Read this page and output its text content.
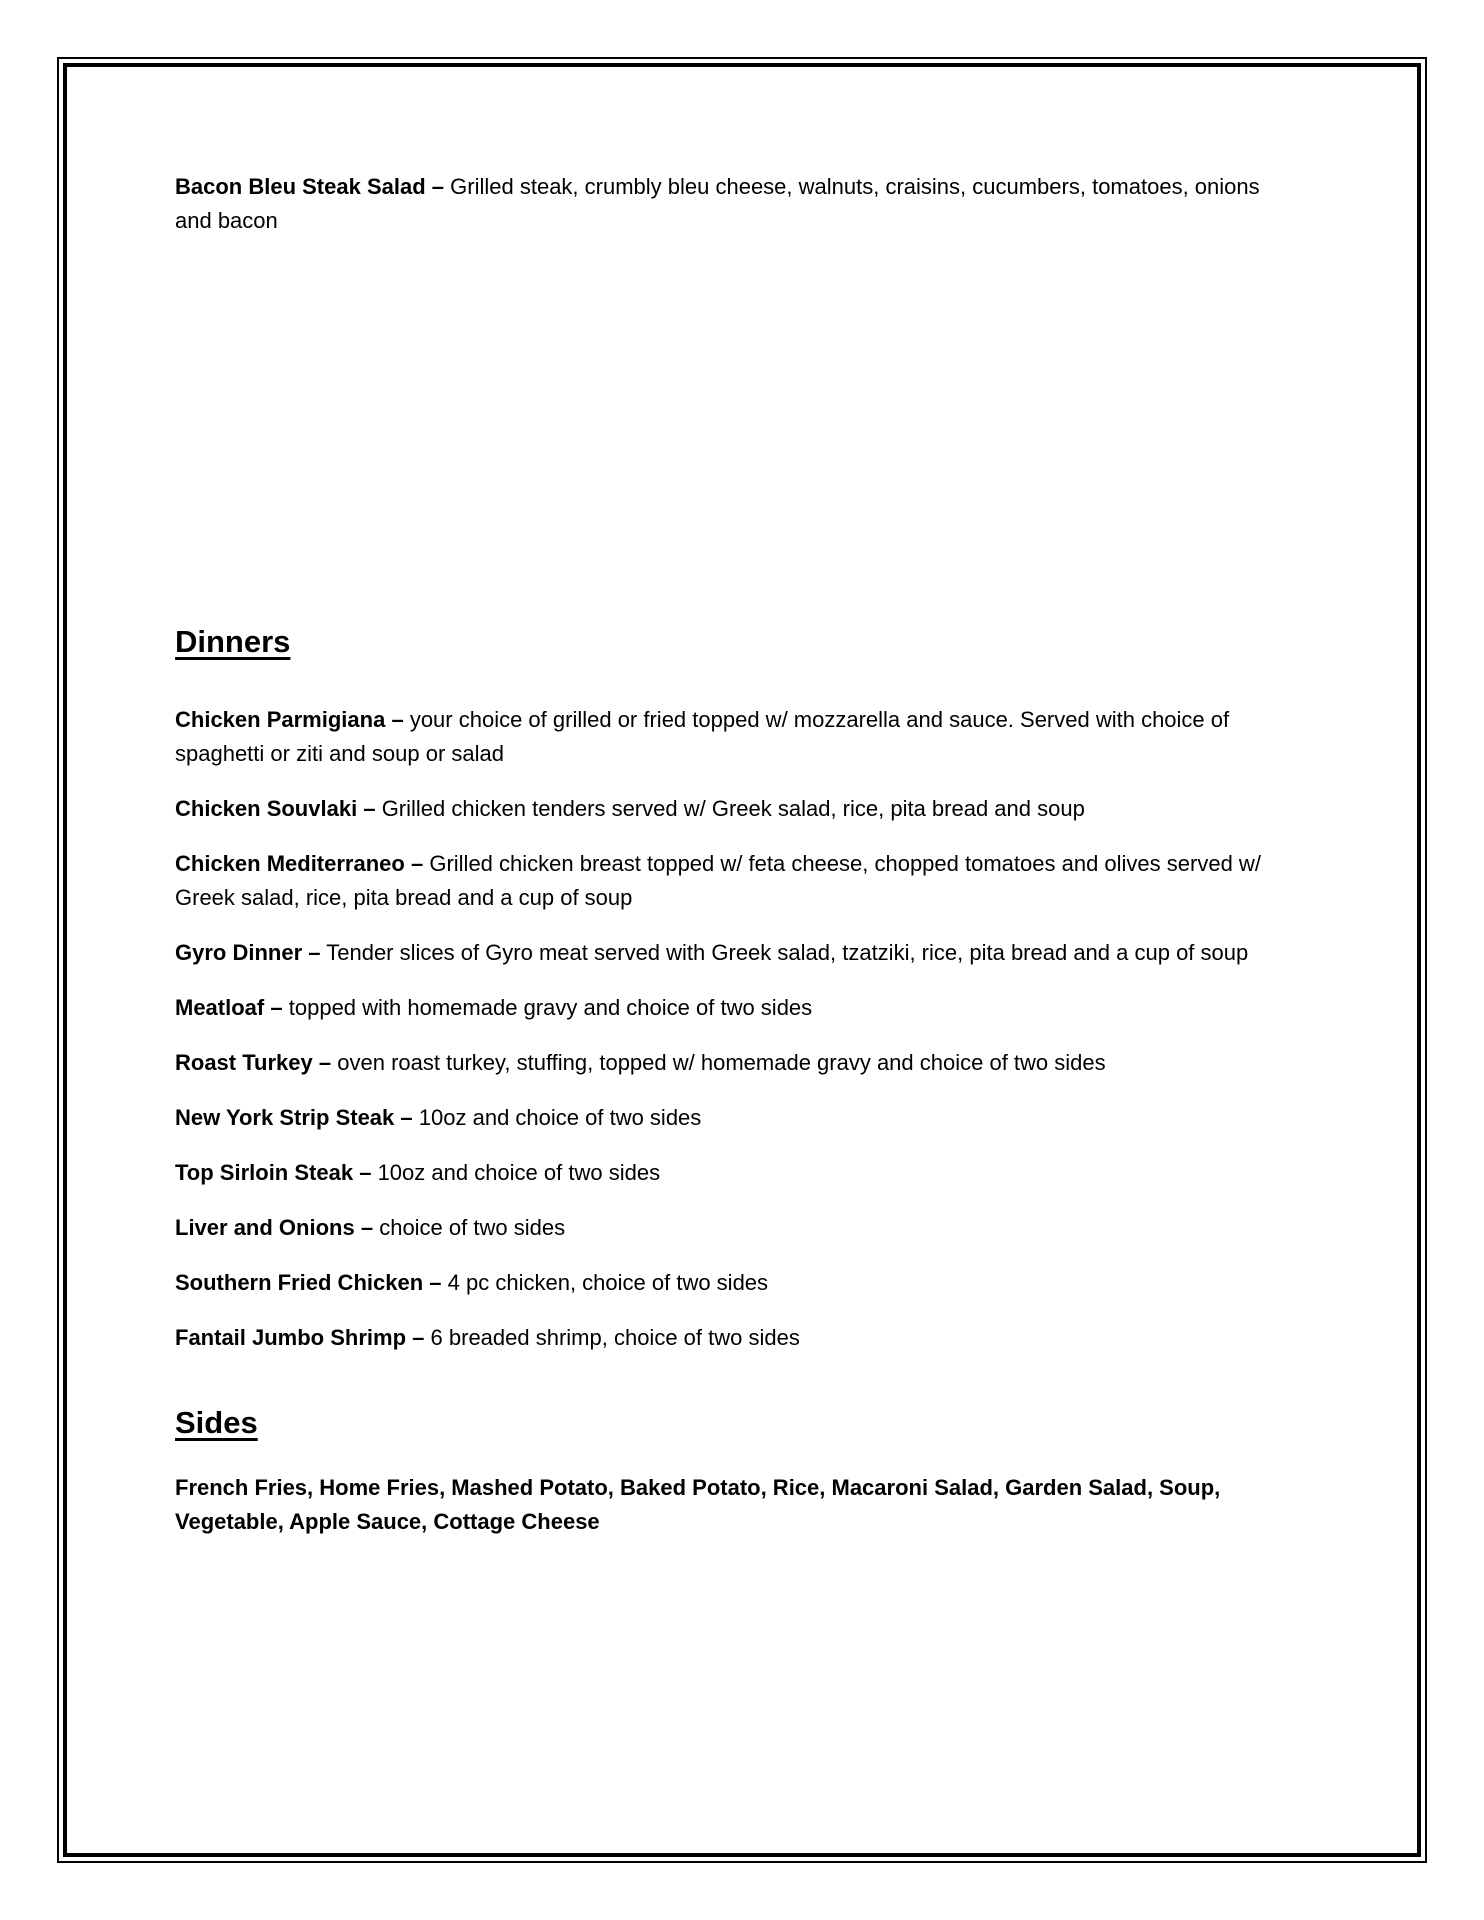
Bacon Bleu Steak Salad – Grilled steak, crumbly bleu cheese, walnuts, craisins, cucumbers, tomatoes, onions and bacon

Dinners

Chicken Parmigiana – your choice of grilled or fried topped w/ mozzarella and sauce. Served with choice of spaghetti or ziti and soup or salad

Chicken Souvlaki – Grilled chicken tenders served w/ Greek salad, rice, pita bread and soup

Chicken Mediterraneo – Grilled chicken breast topped w/ feta cheese, chopped tomatoes and olives served w/ Greek salad, rice, pita bread and a cup of soup

Gyro Dinner – Tender slices of Gyro meat served with Greek salad, tzatziki, rice, pita bread and a cup of soup

Meatloaf – topped with homemade gravy and choice of two sides

Roast Turkey – oven roast turkey, stuffing, topped w/ homemade gravy and choice of two sides

New York Strip Steak – 10oz and choice of two sides

Top Sirloin Steak – 10oz and choice of two sides

Liver and Onions – choice of two sides

Southern Fried Chicken – 4 pc chicken, choice of two sides

Fantail Jumbo Shrimp – 6 breaded shrimp, choice of two sides

Sides

French Fries, Home Fries, Mashed Potato, Baked Potato, Rice, Macaroni Salad, Garden Salad, Soup, Vegetable, Apple Sauce, Cottage Cheese
